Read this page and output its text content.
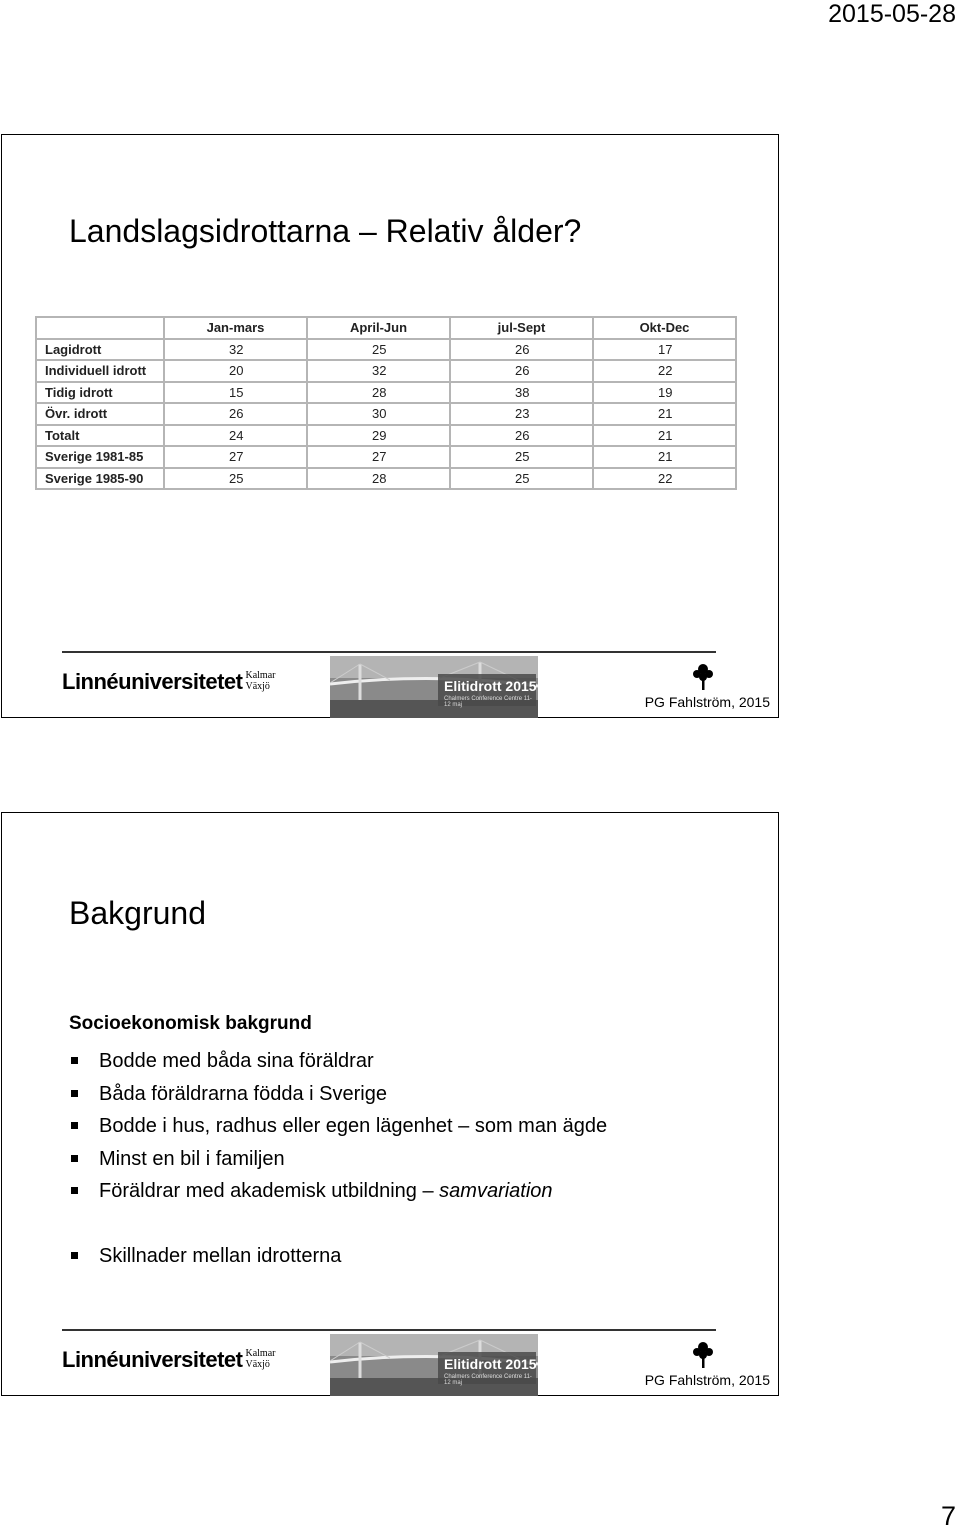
2015-05-28
Landslagsidrottarna – Relativ ålder?
	Jan-mars	April-Jun	jul-Sept	Okt-Dec
Lagidrott	32	25	26	17
Individuell idrott	20	32	26	22
Tidig idrott	15	28	38	19
Övr. idrott	26	30	23	21
Totalt	24	29	26	21
Sverige 1981-85	27	27	25	21
Sverige 1985-90	25	28	25	22
Linnéuniversitetet Kalmar
Växjö	Elitidrott 2015
Chalmers Conference Centre 11-12 maj	PG Fahlström, 2015
Bakgrund
Socioekonomisk bakgrund
Bodde med båda sina föräldrar
Båda föräldrarna födda i Sverige
Bodde i hus, radhus eller egen lägenhet – som man ägde
Minst en bil i familjen
Föräldrar med akademisk utbildning – samvariation
Skillnader mellan idrotterna
Linnéuniversitetet Kalmar
Växjö	Elitidrott 2015
Chalmers Conference Centre 11-12 maj	PG Fahlström, 2015
7
